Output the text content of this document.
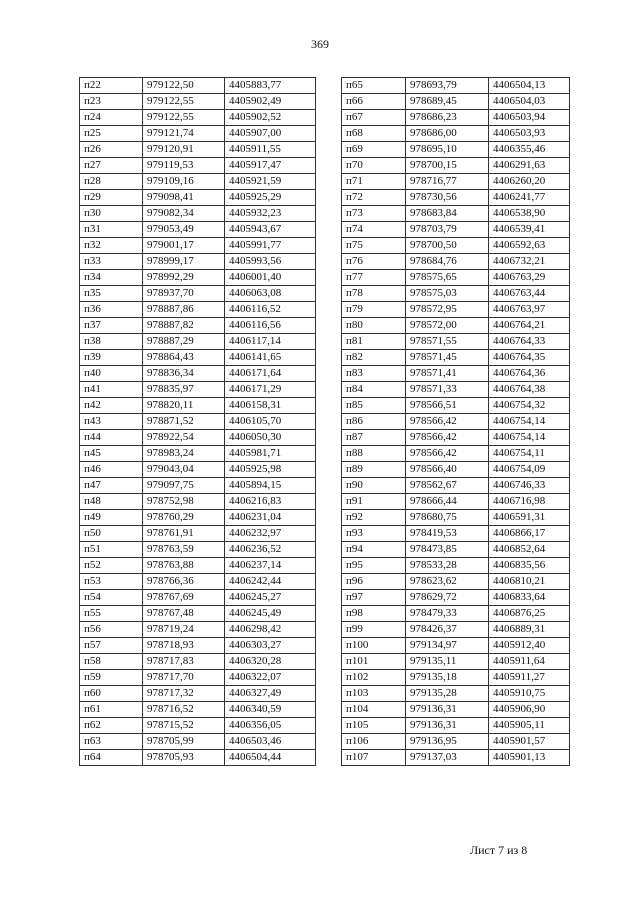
369
п22	979122,50	4405883,77
п23	979122,55	4405902,49
п24	979122,55	4405902,52
п25	979121,74	4405907,00
п26	979120,91	4405911,55
п27	979119,53	4405917,47
п28	979109,16	4405921,59
п29	979098,41	4405925,29
п30	979082,34	4405932,23
п31	979053,49	4405943,67
п32	979001,17	4405991,77
п33	978999,17	4405993,56
п34	978992,29	4406001,40
п35	978937,70	4406063,08
п36	978887,86	4406116,52
п37	978887,82	4406116,56
п38	978887,29	4406117,14
п39	978864,43	4406141,65
п40	978836,34	4406171,64
п41	978835,97	4406171,29
п42	978820,11	4406158,31
п43	978871,52	4406105,70
п44	978922,54	4406050,30
п45	978983,24	4405981,71
п46	979043,04	4405925,98
п47	979097,75	4405894,15
п48	978752,98	4406216,83
п49	978760,29	4406231,04
п50	978761,91	4406232,97
п51	978763,59	4406236,52
п52	978763,88	4406237,14
п53	978766,36	4406242,44
п54	978767,69	4406245,27
п55	978767,48	4406245,49
п56	978719,24	4406298,42
п57	978718,93	4406303,27
п58	978717,83	4406320,28
п59	978717,70	4406322,07
п60	978717,32	4406327,49
п61	978716,52	4406340,59
п62	978715,52	4406356,05
п63	978705,99	4406503,46
п64	978705,93	4406504,44
п65	978693,79	4406504,13
п66	978689,45	4406504,03
п67	978686,23	4406503,94
п68	978686,00	4406503,93
п69	978695,10	4406355,46
п70	978700,15	4406291,63
п71	978716,77	4406260,20
п72	978730,56	4406241,77
п73	978683,84	4406538,90
п74	978703,79	4406539,41
п75	978700,50	4406592,63
п76	978684,76	4406732,21
п77	978575,65	4406763,29
п78	978575,03	4406763,44
п79	978572,95	4406763,97
п80	978572,00	4406764,21
п81	978571,55	4406764,33
п82	978571,45	4406764,35
п83	978571,41	4406764,36
п84	978571,33	4406764,38
п85	978566,51	4406754,32
п86	978566,42	4406754,14
п87	978566,42	4406754,14
п88	978566,42	4406754,11
п89	978566,40	4406754,09
п90	978562,67	4406746,33
п91	978666,44	4406716,98
п92	978680,75	4406591,31
п93	978419,53	4406866,17
п94	978473,85	4406852,64
п95	978533,28	4406835,56
п96	978623,62	4406810,21
п97	978629,72	4406833,64
п98	978479,33	4406876,25
п99	978426,37	4406889,31
п100	979134,97	4405912,40
п101	979135,11	4405911,64
п102	979135,18	4405911,27
п103	979135,28	4405910,75
п104	979136,31	4405906,90
п105	979136,31	4405905,11
п106	979136,95	4405901,57
п107	979137,03	4405901,13
Лист 7 из 8
